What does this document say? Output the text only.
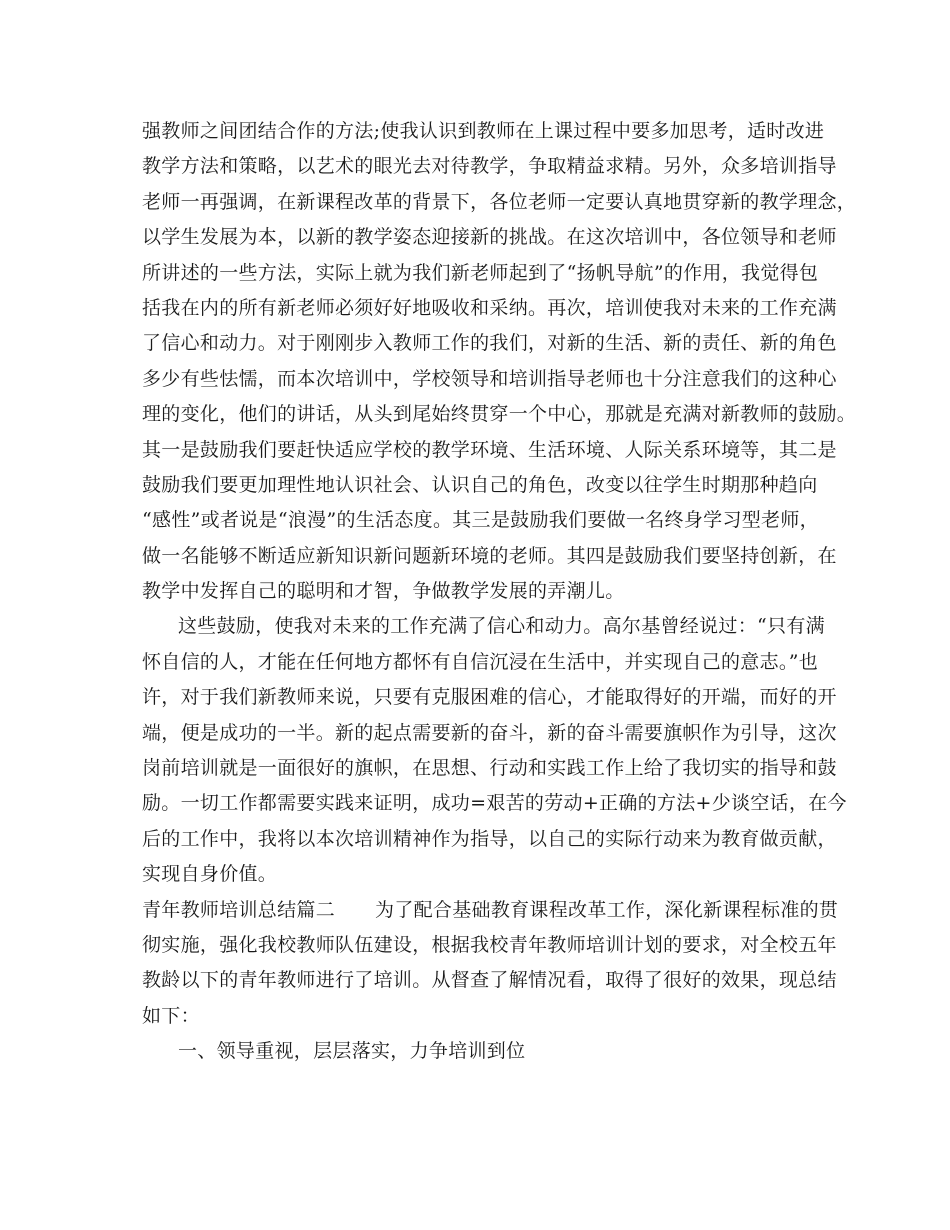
强教师之间团结合作的方法;使我认识到教师在上课过程中要多加思考，适时改进
教学方法和策略，以艺术的眼光去对待教学，争取精益求精。另外，众多培训指导
老师一再强调，在新课程改革的背景下，各位老师一定要认真地贯穿新的教学理念，
以学生发展为本，以新的教学姿态迎接新的挑战。在这次培训中，各位领导和老师
所讲述的一些方法，实际上就为我们新老师起到了“扬帆导航”的作用，我觉得包
括我在内的所有新老师必须好好地吸收和采纳。再次，培训使我对未来的工作充满
了信心和动力。对于刚刚步入教师工作的我们，对新的生活、新的责任、新的角色
多少有些怯懦，而本次培训中，学校领导和培训指导老师也十分注意我们的这种心
理的变化，他们的讲话，从头到尾始终贯穿一个中心，那就是充满对新教师的鼓励。
其一是鼓励我们要赶快适应学校的教学环境、生活环境、人际关系环境等，其二是
鼓励我们要更加理性地认识社会、认识自己的角色，改变以往学生时期那种趋向
“感性”或者说是“浪漫”的生活态度。其三是鼓励我们要做一名终身学习型老师，
做一名能够不断适应新知识新问题新环境的老师。其四是鼓励我们要坚持创新，在
教学中发挥自己的聪明和才智，争做教学发展的弄潮儿。
这些鼓励，使我对未来的工作充满了信心和动力。高尔基曾经说过：“只有满
怀自信的人，才能在任何地方都怀有自信沉浸在生活中，并实现自己的意志。”也
许，对于我们新教师来说，只要有克服困难的信心，才能取得好的开端，而好的开
端，便是成功的一半。新的起点需要新的奋斗，新的奋斗需要旗帜作为引导，这次
岗前培训就是一面很好的旗帜，在思想、行动和实践工作上给了我切实的指导和鼓
励。一切工作都需要实践来证明，成功=艰苦的劳动+正确的方法+少谈空话，在今
后的工作中，我将以本次培训精神作为指导，以自己的实际行动来为教育做贡献，
实现自身价值。
青年教师培训总结篇二 为了配合基础教育课程改革工作，深化新课程标准的贯
彻实施，强化我校教师队伍建设，根据我校青年教师培训计划的要求，对全校五年
教龄以下的青年教师进行了培训。从督查了解情况看，取得了很好的效果，现总结
如下：
一、领导重视，层层落实，力争培训到位
